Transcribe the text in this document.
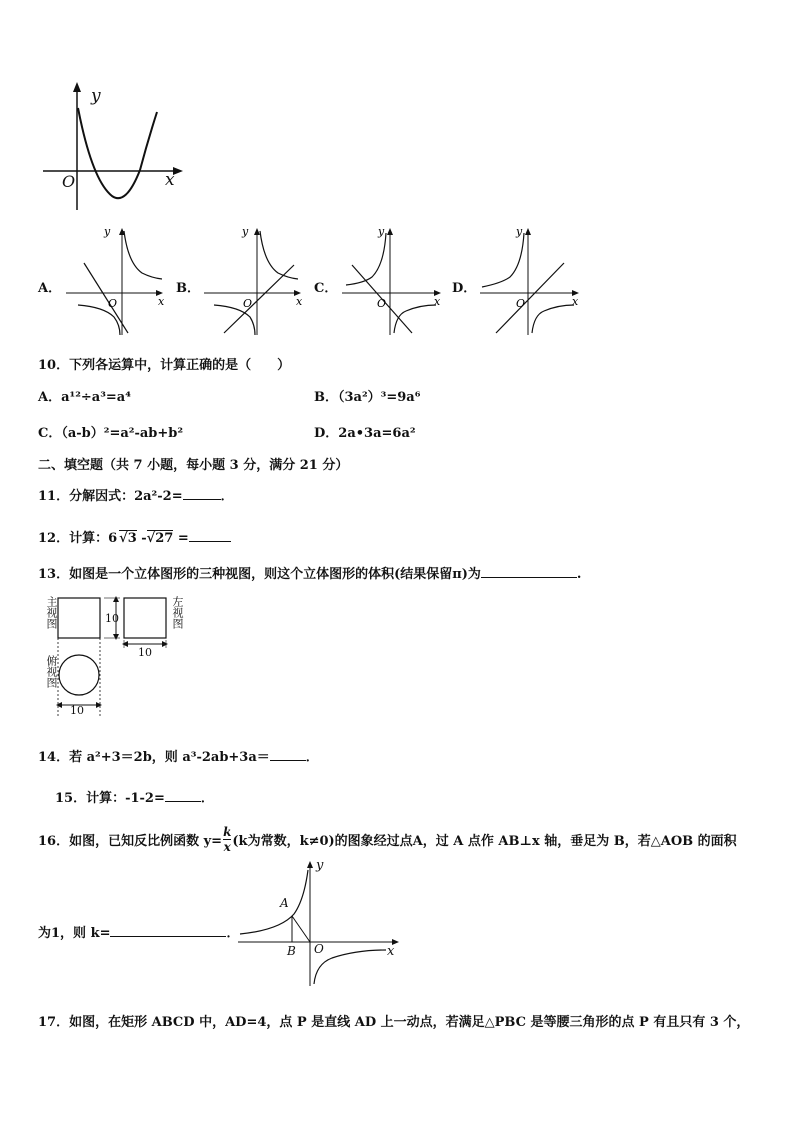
y
x
O
A．	B．	C．	D．
O
y
x	O
y
x	O
y
x	O
y
x
10．下列各运算中，计算正确的是（　　）
A．a¹²÷a³=a⁴	B．（3a²）³=9a⁶
C．（a-b）²=a²-ab+b²	D．2a•3a=6a²
二、填空题（共 7 小题，每小题 3 分，满分 21 分）
11．分解因式：2a²-2=	．
12．计算：6 √3 -√27 =
13．如图是一个立体图形的三种视图，则这个立体图形的体积(结果保留π)为	.
主视图	左视图
俯视图
10
10
10
14．若 a²+3＝2b，则 a³-2ab+3a＝	．
15．计算：-1-2=	．
16．如图，已知反比例函数 $y= \frac{k}{x} (k$为常数，k≠0)的图象经过点A，过 A 点作 AB⊥x 轴，垂足为 B，若△AOB 的面积
为1，则 k=	．
A
B O	x
y
17．如图，在矩形 ABCD 中，AD=4，点 P 是直线 AD 上一动点，若满足△PBC 是等腰三角形的点 P 有且只有 3 个，
